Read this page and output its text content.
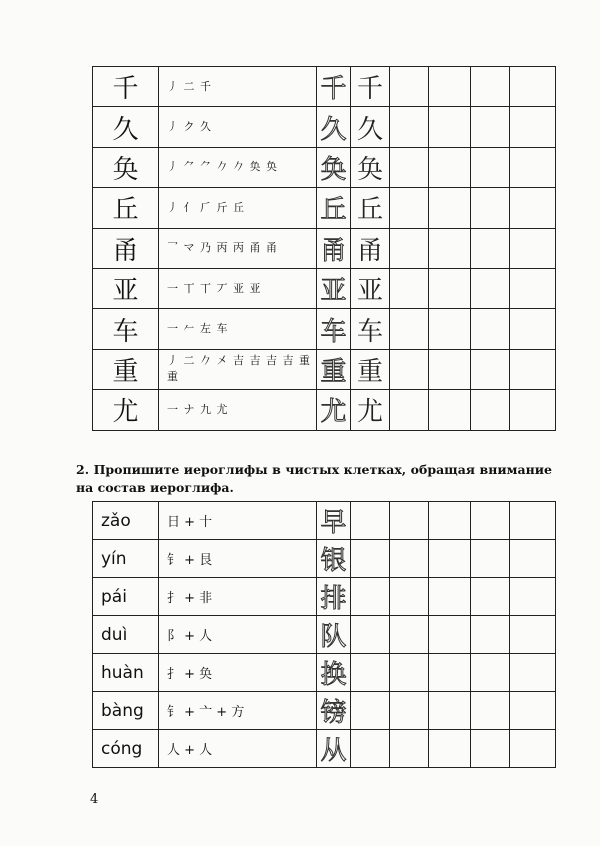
千	丿 二 千	千	千				
久	丿 ク 久	久	久				
奂	丿 ⺈ ⺈ 𠂊 𠂊 奂 奂	奂	奂				
丘	丿 亻 𠂆 斤 丘	丘	丘				
甬	乛 マ 乃 丙 丙 甬 甬	甬	甬				
亚	一 丅 丅 丆 亚 亚	亚	亚				
车	一 𠂉 左 车	车	车				
重	丿 二 𠂊 㐅 吉 吉 吉 吉 重 重	重	重				
尤	一 ナ 九 尤	尤	尤				
2. Пропишите иероглифы в чистых клетках, обращая внимание на состав иероглифа.
zǎo	日 + 十	早					
yín	钅 + 艮	银					
pái	扌 + 非	排					
duì	阝 + 人	队					
huàn	扌 + 奂	换					
bàng	钅 + 亠 + 方	镑					
cóng	人 + 人	从					
4
